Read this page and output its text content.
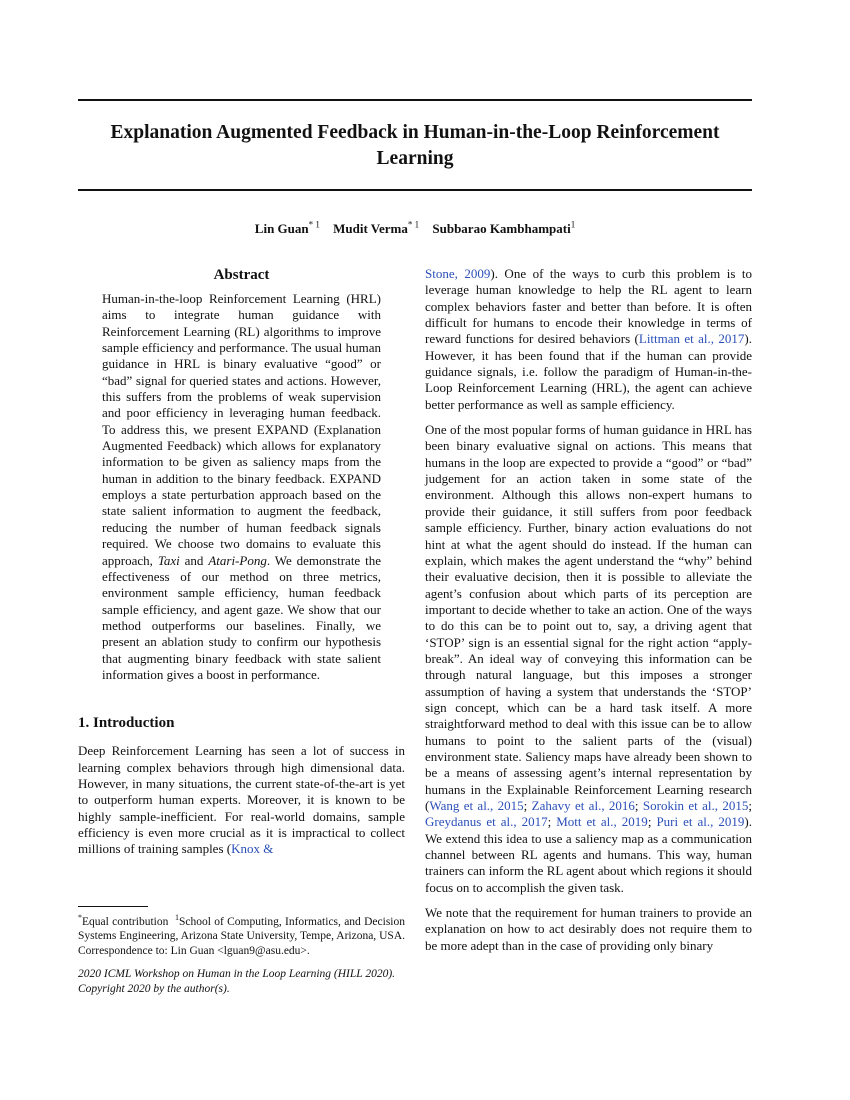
Explanation Augmented Feedback in Human-in-the-Loop Reinforcement Learning
Lin Guan$^{* 1}$ Mudit Verma$^{* 1}$ Subbarao Kambhampati$^1$
Abstract

Human-in-the-loop Reinforcement Learning (HRL) aims to integrate human guidance with Reinforcement Learning (RL) algorithms to improve sample efficiency and performance. The usual human guidance in HRL is binary evaluative “good” or “bad” signal for queried states and actions. However, this suffers from the problems of weak supervision and poor efficiency in leveraging human feedback. To address this, we present EXPAND (Explanation Augmented Feedback) which allows for explanatory information to be given as saliency maps from the human in addition to the binary feedback. EXPAND employs a state perturbation approach based on the state salient information to augment the feedback, reducing the number of human feedback signals required. We choose two domains to evaluate this approach, Taxi and Atari-Pong. We demonstrate the effectiveness of our method on three metrics, environment sample efficiency, human feedback sample efficiency, and agent gaze. We show that our method outperforms our baselines. Finally, we present an ablation study to confirm our hypothesis that augmenting binary feedback with state salient information gives a boost in performance.

1. Introduction

Deep Reinforcement Learning has seen a lot of success in learning complex behaviors through high dimensional data. However, in many situations, the current state-of-the-art is yet to outperform human experts. Moreover, it is known to be highly sample-inefficient. For real-world domains, sample efficiency is even more crucial as it is impractical to collect millions of training samples (Knox &

Stone, 2009). One of the ways to curb this problem is to leverage human knowledge to help the RL agent to learn complex behaviors faster and better than before. It is often difficult for humans to encode their knowledge in terms of reward functions for desired behaviors (Littman et al., 2017). However, it has been found that if the human can provide guidance signals, i.e. follow the paradigm of Human-in-the-Loop Reinforcement Learning (HRL), the agent can achieve better performance as well as sample efficiency.

One of the most popular forms of human guidance in HRL has been binary evaluative signal on actions. This means that humans in the loop are expected to provide a “good” or “bad” judgement for an action taken in some state of the environment. Although this allows non-expert humans to provide their guidance, it still suffers from poor feedback sample efficiency. Further, binary action evaluations do not hint at what the agent should do instead. If the human can explain, which makes the agent understand the “why” behind their evaluative decision, then it is possible to alleviate the agent’s confusion about which parts of its perception are important to decide whether to take an action. One of the ways to do this can be to point out to, say, a driving agent that ‘STOP’ sign is an essential signal for the right action “apply-break”. An ideal way of conveying this information can be through natural language, but this imposes a stronger assumption of having a system that understands the ‘STOP’ sign concept, which can be a hard task itself. A more straightforward method to deal with this issue can be to allow humans to point to the salient parts of the (visual) environment state. Saliency maps have already been shown to be a means of assessing agent’s internal representation by humans in the Explainable Reinforcement Learning research (Wang et al., 2015; Zahavy et al., 2016; Sorokin et al., 2015; Greydanus et al., 2017; Mott et al., 2019; Puri et al., 2019). We extend this idea to use a saliency map as a communication channel between RL agents and humans. This way, human trainers can inform the RL agent about which regions it should focus on to accomplish the given task.

We note that the requirement for human trainers to provide an explanation on how to act desirably does not require them to be more adept than in the case of providing only binary

*Equal contribution $^1$School of Computing, Informatics, and Decision Systems Engineering, Arizona State University, Tempe, Arizona, USA. Correspondence to: Lin Guan <lguan9@asu.edu>.
2020 ICML Workshop on Human in the Loop Learning (HILL 2020). Copyright 2020 by the author(s).
